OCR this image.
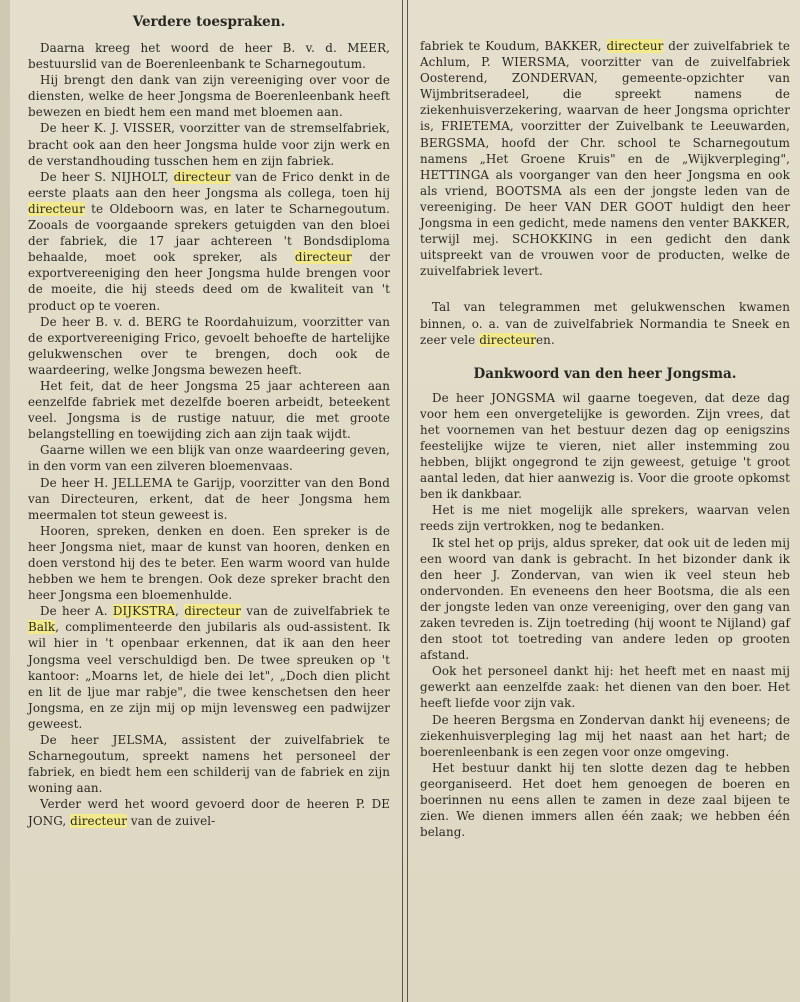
Verdere toespraken.

Daarna kreeg het woord de heer B. v. d. MEER, bestuurslid van de Boerenleenbank te Scharnegoutum.

Hij brengt den dank van zijn vereeniging over voor de diensten, welke de heer Jongsma de Boerenleenbank heeft bewezen en biedt hem een mand met bloemen aan.

De heer K. J. VISSER, voorzitter van de stremselfabriek, bracht ook aan den heer Jongsma hulde voor zijn werk en de verstandhouding tusschen hem en zijn fabriek.

De heer S. NIJHOLT, directeur van de Frico denkt in de eerste plaats aan den heer Jongsma als collega, toen hij directeur te Oldeboorn was, en later te Scharnegoutum. Zooals de voorgaande sprekers getuigden van den bloei der fabriek, die 17 jaar achtereen 't Bondsdiploma behaalde, moet ook spreker, als directeur der exportvereeniging den heer Jongsma hulde brengen voor de moeite, die hij steeds deed om de kwaliteit van 't product op te voeren.

De heer B. v. d. BERG te Roordahuizum, voorzitter van de exportvereeniging Frico, gevoelt behoefte de hartelijke gelukwenschen over te brengen, doch ook de waardeering, welke Jongsma bewezen heeft.

Het feit, dat de heer Jongsma 25 jaar achtereen aan eenzelfde fabriek met dezelfde boeren arbeidt, beteekent veel. Jongsma is de rustige natuur, die met groote belangstelling en toewijding zich aan zijn taak wijdt.

Gaarne willen we een blijk van onze waardeering geven, in den vorm van een zilveren bloemenvaas.

De heer H. JELLEMA te Garijp, voorzitter van den Bond van Directeuren, erkent, dat de heer Jongsma hem meermalen tot steun geweest is.

Hooren, spreken, denken en doen. Een spreker is de heer Jongsma niet, maar de kunst van hooren, denken en doen verstond hij des te beter. Een warm woord van hulde hebben we hem te brengen. Ook deze spreker bracht den heer Jongsma een bloemenhulde.

De heer A. DIJKSTRA, directeur van de zuivelfabriek te Balk, complimenteerde den jubilaris als oud-assistent. Ik wil hier in 't openbaar erkennen, dat ik aan den heer Jongsma veel verschuldigd ben. De twee spreuken op 't kantoor: „Moarns let, de hiele dei let", „Doch dien plicht en lit de ljue mar rabje", die twee kenschetsen den heer Jongsma, en ze zijn mij op mijn levensweg een padwijzer geweest.

De heer JELSMA, assistent der zuivelfabriek te Scharnegoutum, spreekt namens het personeel der fabriek, en biedt hem een schilderij van de fabriek en zijn woning aan.

Verder werd het woord gevoerd door de heeren P. DE JONG, directeur van de zuivel-

fabriek te Koudum, BAKKER, directeur der zuivelfabriek te Achlum, P. WIERSMA, voorzitter van de zuivelfabriek Oosterend, ZONDERVAN, gemeente-opzichter van Wijmbritseradeel, die spreekt namens de ziekenhuisverzekering, waarvan de heer Jongsma oprichter is, FRIETEMA, voorzitter der Zuivelbank te Leeuwarden, BERGSMA, hoofd der Chr. school te Scharnegoutum namens „Het Groene Kruis" en de „Wijkverpleging", HETTINGA als voorganger van den heer Jongsma en ook als vriend, BOOTSMA als een der jongste leden van de vereeniging. De heer VAN DER GOOT huldigt den heer Jongsma in een gedicht, mede namens den venter BAKKER, terwijl mej. SCHOKKING in een gedicht den dank uitspreekt van de vrouwen voor de producten, welke de zuivelfabriek levert.

Tal van telegrammen met gelukwenschen kwamen binnen, o. a. van de zuivelfabriek Normandia te Sneek en zeer vele directeuren.

Dankwoord van den heer Jongsma.

De heer JONGSMA wil gaarne toegeven, dat deze dag voor hem een onvergetelijke is geworden. Zijn vrees, dat het voornemen van het bestuur dezen dag op eenigszins feestelijke wijze te vieren, niet aller instemming zou hebben, blijkt ongegrond te zijn geweest, getuige 't groot aantal leden, dat hier aanwezig is. Voor die groote opkomst ben ik dankbaar.

Het is me niet mogelijk alle sprekers, waarvan velen reeds zijn vertrokken, nog te bedanken.

Ik stel het op prijs, aldus spreker, dat ook uit de leden mij een woord van dank is gebracht. In het bizonder dank ik den heer J. Zondervan, van wien ik veel steun heb ondervonden. En eveneens den heer Bootsma, die als een der jongste leden van onze vereeniging, over den gang van zaken tevreden is. Zijn toetreding (hij woont te Nijland) gaf den stoot tot toetreding van andere leden op grooten afstand.

Ook het personeel dankt hij: het heeft met en naast mij gewerkt aan eenzelfde zaak: het dienen van den boer. Het heeft liefde voor zijn vak.

De heeren Bergsma en Zondervan dankt hij eveneens; de ziekenhuisverpleging lag mij het naast aan het hart; de boerenleenbank is een zegen voor onze omgeving.

Het bestuur dankt hij ten slotte dezen dag te hebben georganiseerd. Het doet hem genoegen de boeren en boerinnen nu eens allen te zamen in deze zaal bijeen te zien. We dienen immers allen één zaak; we hebben één belang.
